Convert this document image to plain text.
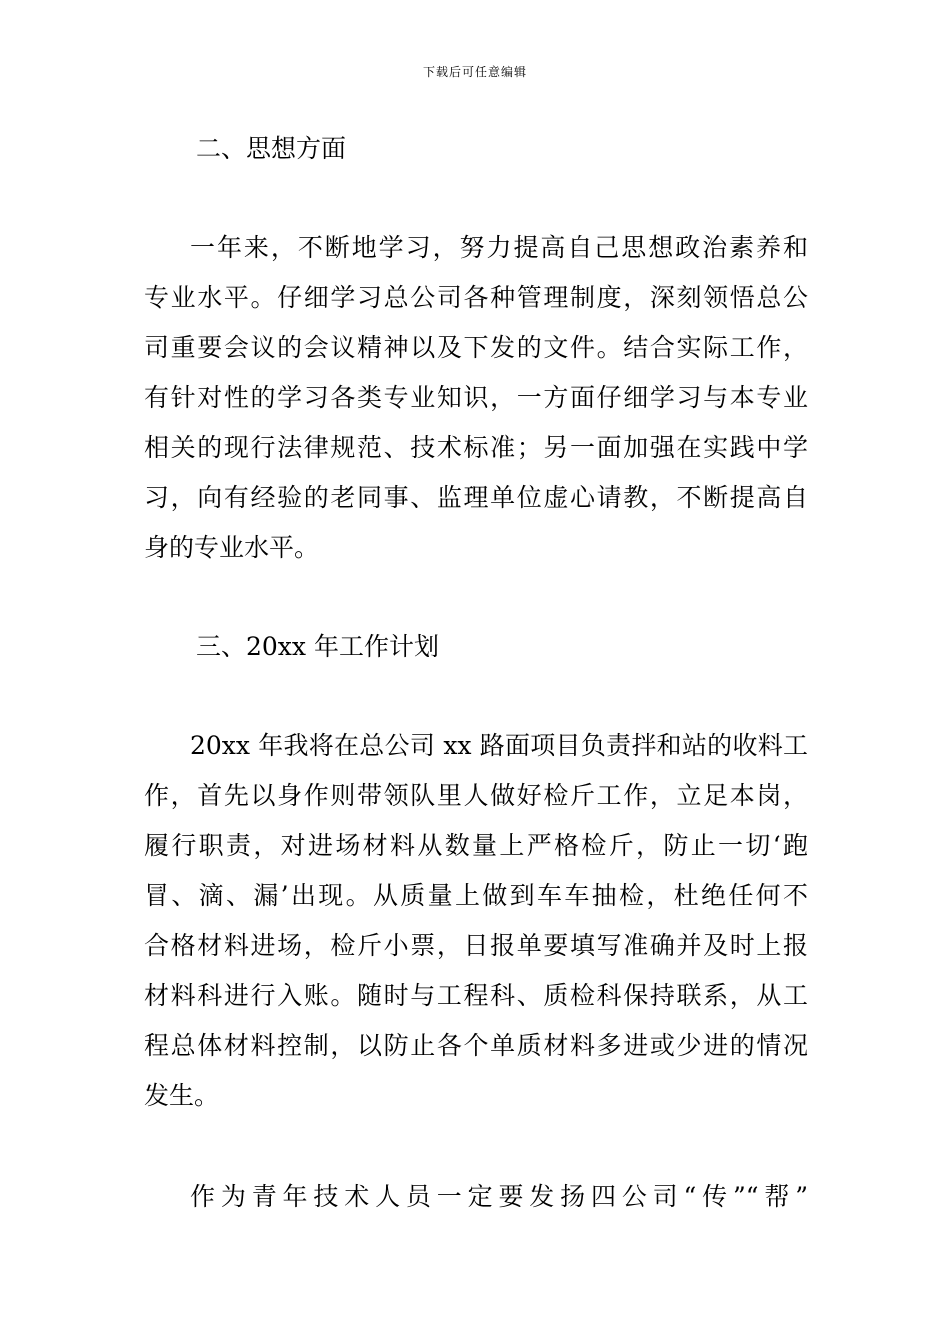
下载后可任意编辑
二、思想方面
一年来，不断地学习，努力提高自己思想政治素养和
专业水平。仔细学习总公司各种管理制度，深刻领悟总公
司重要会议的会议精神以及下发的文件。结合实际工作，
有针对性的学习各类专业知识，一方面仔细学习与本专业
相关的现行法律规范、技术标准；另一面加强在实践中学
习，向有经验的老同事、监理单位虚心请教，不断提高自
身的专业水平。
三、20xx 年工作计划
20xx 年我将在总公司 xx 路面项目负责拌和站的收料工
作，首先以身作则带领队里人做好检斤工作，立足本岗，
履行职责，对进场材料从数量上严格检斤，防止一切‘跑
冒、滴、漏’出现。从质量上做到车车抽检，杜绝任何不
合格材料进场，检斤小票，日报单要填写准确并及时上报
材料科进行入账。随时与工程科、质检科保持联系，从工
程总体材料控制，以防止各个单质材料多进或少进的情况
发生。
作为青年技术人员一定要发扬四公司“传”“帮”
